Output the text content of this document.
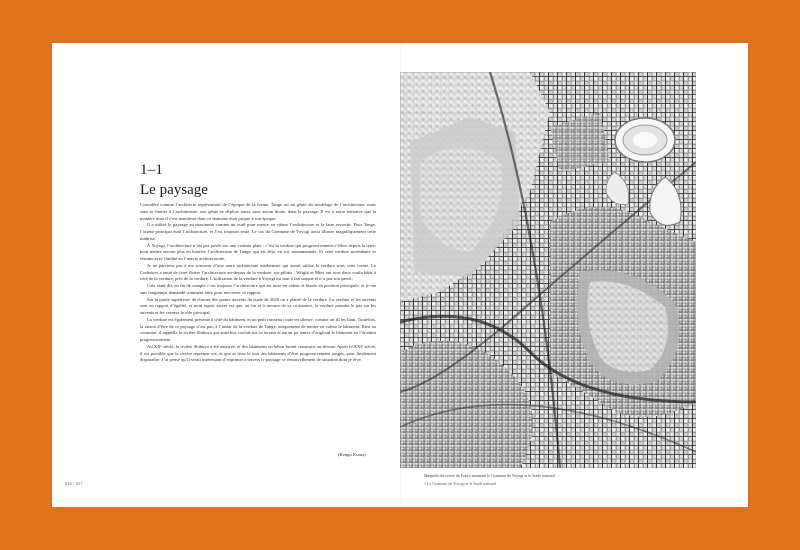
1–1
Le paysage

Considéré comme l’architecte représentatif de l’époque de la forme, Tange est un génie du modelage de l’architecture, mais sans se limiter à l’architecture, son génie se déploie aussi, sans aucun doute, dans le paysage. Il est à notre tentative que la manière dont il s’est manifesté dans ce domaine était propre à son époque.

Il a utilisé le paysage au maximum comme un outil pour mettre en valeur l’architecture et la faire ressortir. Pour Tange, l’acteur principal était l’architecture, et l’est toujours resté. Le cas du Gymnase de Yoyogi aussi illustre magnifiquement cette maîtrise.

À Yoyogi, l’architecture n’est pas posée sur une verdure plate : c’est la verdure qui progressivement s’élève depuis la terre, pour mettre encore plus en lumière l’architecture de Tange, qui est déjà, en soi, monumentale. Et cette verdure ascendante se résume avec fluidité en l’œuvre architecturale.

Je ne parviens pas à me souvenir d’une autre architecture moderniste qui aurait utilisé la verdure sous cette forme. Le Corbusier a tenté de faire flotter l’architecture au-dessus de la verdure, sur pilotis ; Wright et Mies ont tous deux voulu bâtir à côté de la verdure, près de la verdure. L’utilisation de la verdure à Yoyogi est tout à fait unique et n’a pas son pareil.

Cela étant dit, en fin de compte c’est toujours l’architecture qui est mise en valeur et hissée en position principale, et je me suis longtemps demandé comment faire pour renverser ce rapport.

Sur la partie supérieure de chacun des quatre auvents du stade de 2020 on a planté de la verdure. La verdure et les auvents sont en rapport d’égalité, et mon espoir secret est que, au fur et à mesure de sa croissance, la verdure prendra le pas sur les auvents et les cernera le rôle principal.

La verdure est également présente à côté du bâtiment, et un petit ruisseau coule en silence, comme un fil les liant. Toutefois, la raison d’être de ce paysage n’est pas, à l’instar de la verdure de Tange, uniquement de mettre en valeur le bâtiment. Bien au contraire, il rappelle la rivière Shibuya qui autrefois coulait sur ce terrain et aurait pu tenter d’englouti le bâtiment en l’érodant progressivement.

Au XXᵉ siècle, la rivière Shibuya a été enterrée, et des bâtiments en béton furent construits au-dessus. Après le XXIᵉ siècle, il est possible que la rivière reprenne vie, et que se tisse le tout des bâtiments d’être progressivement rongés, pour finalement disparaître. J’ai pensé qu’il serait intéressant d’exprimer à travers le paysage ce renouvellement de situation dont je rêve.

(Kengo Kuma)
026 / 027
Maquette du centre de Tokyo montrant le Gymnase de Yoyogi et le Stade national
1 Le Gymnase de Yoyogi et le Stade national
